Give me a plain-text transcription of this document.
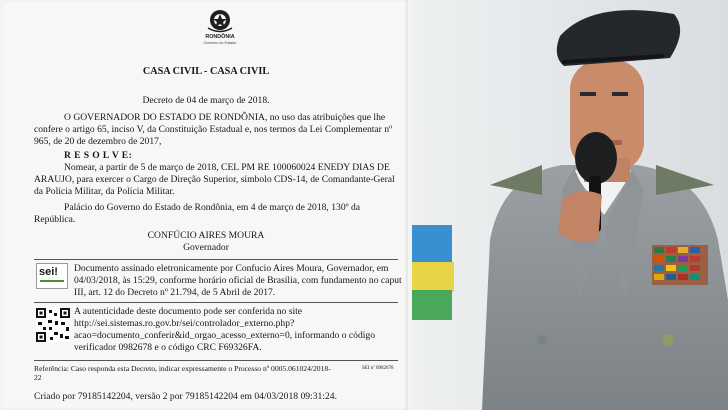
RONDÔNIA
Governo do Estado
CASA CIVIL - CASA CIVIL
Decreto de 04 de março de 2018.
O GOVERNADOR DO ESTADO DE RONDÔNIA, no uso das atribuições que lhe
confere o artigo 65, inciso V, da Constituição Estadual e, nos termos da Lei Complementar nº
965, de 20 de dezembro de 2017,
R E S O L V E:
Nomear, a partir de 5 de março de 2018, CEL PM RE 100060024 ENEDY DIAS DE
ARAUJO, para exercer o Cargo de Direção Superior, símbolo CDS-14, de Comandante-Geral
da Polícia Militar, da Polícia Militar.
Palácio do Governo do Estado de Rondônia, em 4 de março de 2018, 130º da
República.
CONFÚCIO AIRES MOURA
Governador
sei! Documento assinado eletronicamente por Confucio Aires Moura, Governador, em
04/03/2018, às 15:29, conforme horário oficial de Brasília, com fundamento no caput
III, art. 12 do Decreto nº 21.794, de 5 Abril de 2017.
A autenticidade deste documento pode ser conferida no site
http://sei.sistemas.ro.gov.br/sei/controlador_externo.php?
acao=documento_conferir&id_orgao_acesso_externo=0, informando o código
verificador 0982678 e o código CRC F69326FA.
Referência: Caso responda esta Decreto, indicar expressamente o Processo nº 0005.061024/2018-
22
SEI nº 0982678
Criado por 79185142204, versão 2 por 79185142204 em 04/03/2018 09:31:24.
